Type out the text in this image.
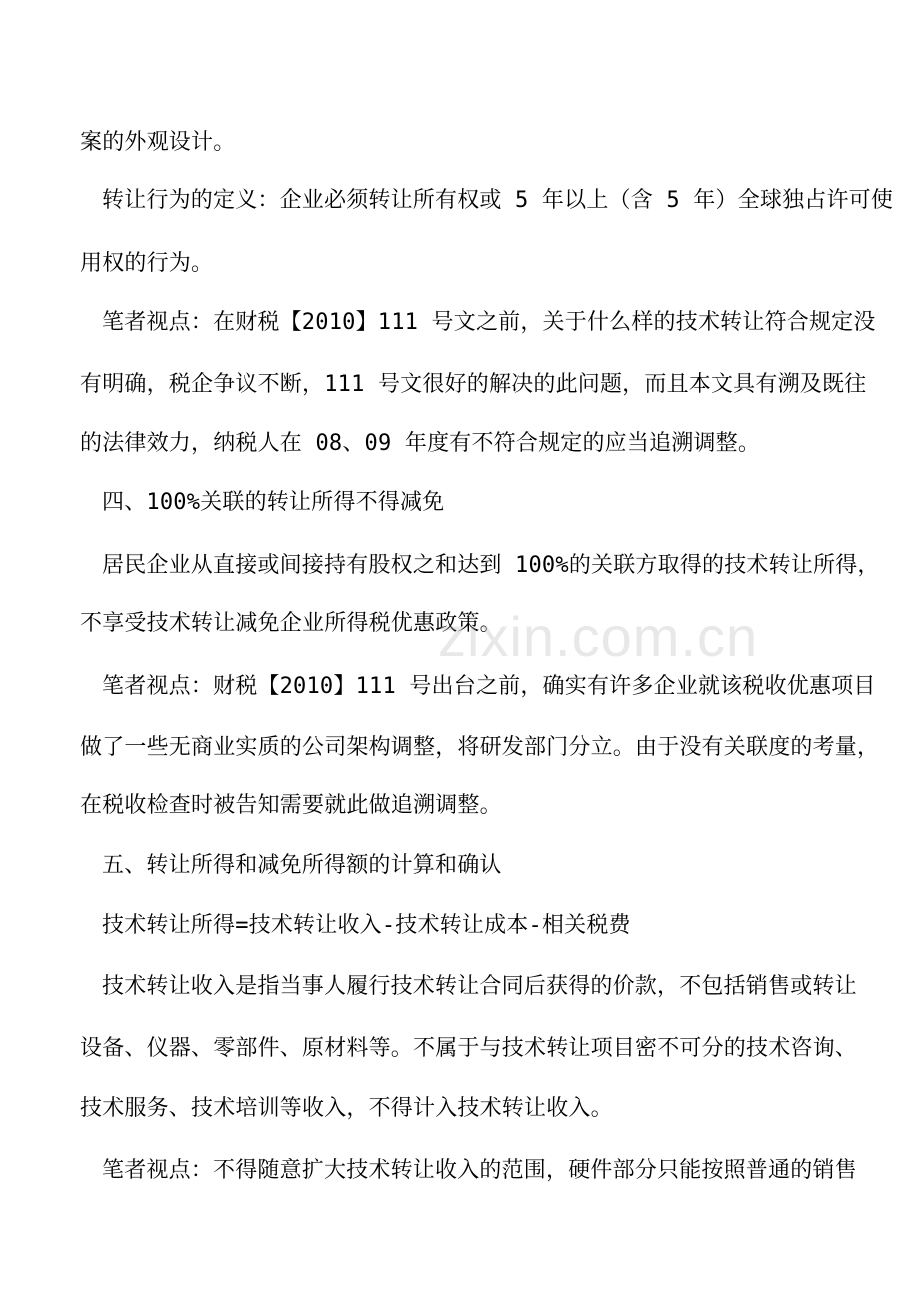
案的外观设计。
转让行为的定义：企业必须转让所有权或 5 年以上（含 5 年）全球独占许可使
用权的行为。
笔者视点：在财税【2010】111 号文之前，关于什么样的技术转让符合规定没
有明确，税企争议不断，111 号文很好的解决的此问题，而且本文具有溯及既往
的法律效力，纳税人在 08、09 年度有不符合规定的应当追溯调整。
四、100%关联的转让所得不得减免
居民企业从直接或间接持有股权之和达到 100%的关联方取得的技术转让所得，
不享受技术转让减免企业所得税优惠政策。
笔者视点：财税【2010】111 号出台之前，确实有许多企业就该税收优惠项目
做了一些无商业实质的公司架构调整，将研发部门分立。由于没有关联度的考量，
在税收检查时被告知需要就此做追溯调整。
五、转让所得和减免所得额的计算和确认
技术转让所得=技术转让收入-技术转让成本-相关税费
技术转让收入是指当事人履行技术转让合同后获得的价款，不包括销售或转让
设备、仪器、零部件、原材料等。不属于与技术转让项目密不可分的技术咨询、
技术服务、技术培训等收入，不得计入技术转让收入。
笔者视点：不得随意扩大技术转让收入的范围，硬件部分只能按照普通的销售
zixin.com.cn
